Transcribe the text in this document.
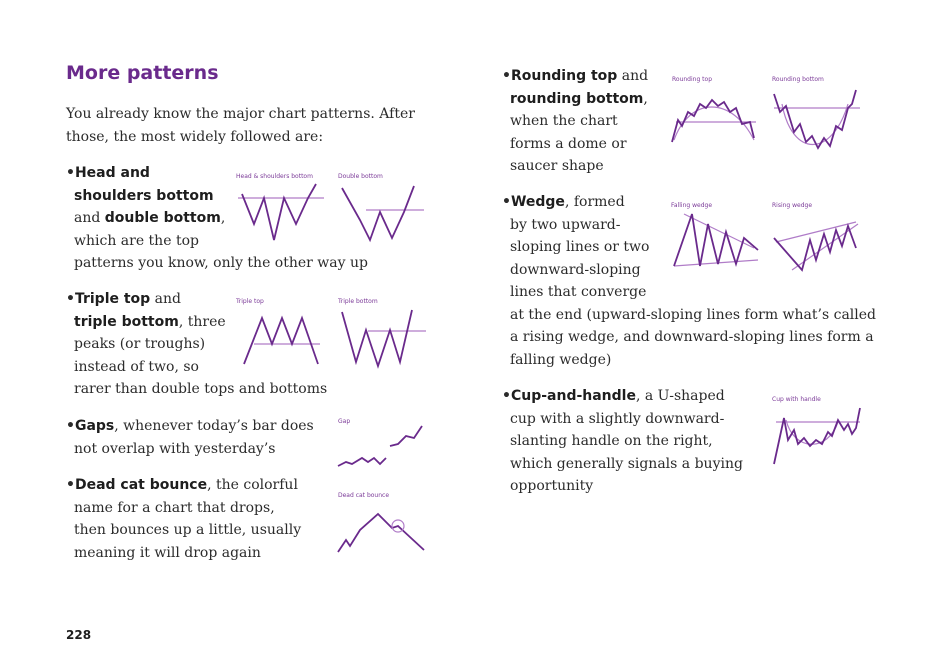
More patterns
You already know the major chart patterns. After
those, the most widely followed are:
•Head and
shoulders bottom
and double bottom,
which are the top
patterns you know, only the other way up
•Triple top and
triple bottom, three
peaks (or troughs)
instead of two, so
rarer than double tops and bottoms
•Gaps, whenever today’s bar does
not overlap with yesterday’s
•Dead cat bounce, the colorful
name for a chart that drops,
then bounces up a little, usually
meaning it will drop again
•Rounding top and
rounding bottom,
when the chart
forms a dome or
saucer shape
•Wedge, formed
by two upward-
sloping lines or two
downward-sloping
lines that converge
at the end (upward-sloping lines form what’s called
a rising wedge, and downward-sloping lines form a
falling wedge)
•Cup-and-handle, a U-shaped
cup with a slightly downward-
slanting handle on the right,
which generally signals a buying
opportunity
Head & shoulders bottom	Double bottom
Triple top	Triple bottom
Gap
Dead cat bounce
Rounding top	Rounding bottom
Falling wedge	Rising wedge
Cup with handle
228
